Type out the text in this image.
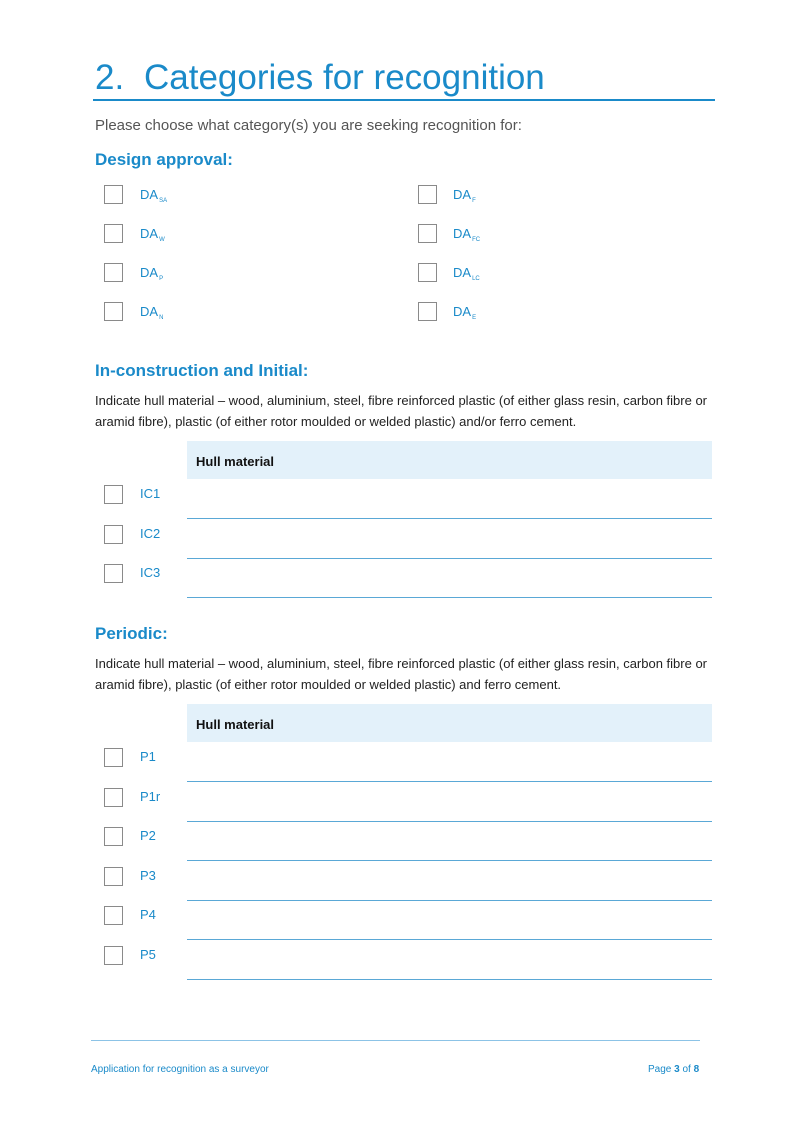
2. Categories for recognition
Please choose what category(s) you are seeking recognition for:
Design approval:
$DA_{SA}$
$DA_W$
$DA_P$
$DA_N$
$DA_F$
$DA_{FC}$
$DA_{LC}$
$DA_E$
In-construction and Initial:
Indicate hull material – wood, aluminium, steel, fibre reinforced plastic (of either glass resin, carbon fibre or
aramid fibre), plastic (of either rotor moulded or welded plastic) and/or ferro cement.
Hull material
IC1
IC2
IC3
Periodic:
Indicate hull material – wood, aluminium, steel, fibre reinforced plastic (of either glass resin, carbon fibre or
aramid fibre), plastic (of either rotor moulded or welded plastic) and ferro cement.
Hull material
P1
P1r
P2
P3
P4
P5
Application for recognition as a surveyor	Page 3 of 8
